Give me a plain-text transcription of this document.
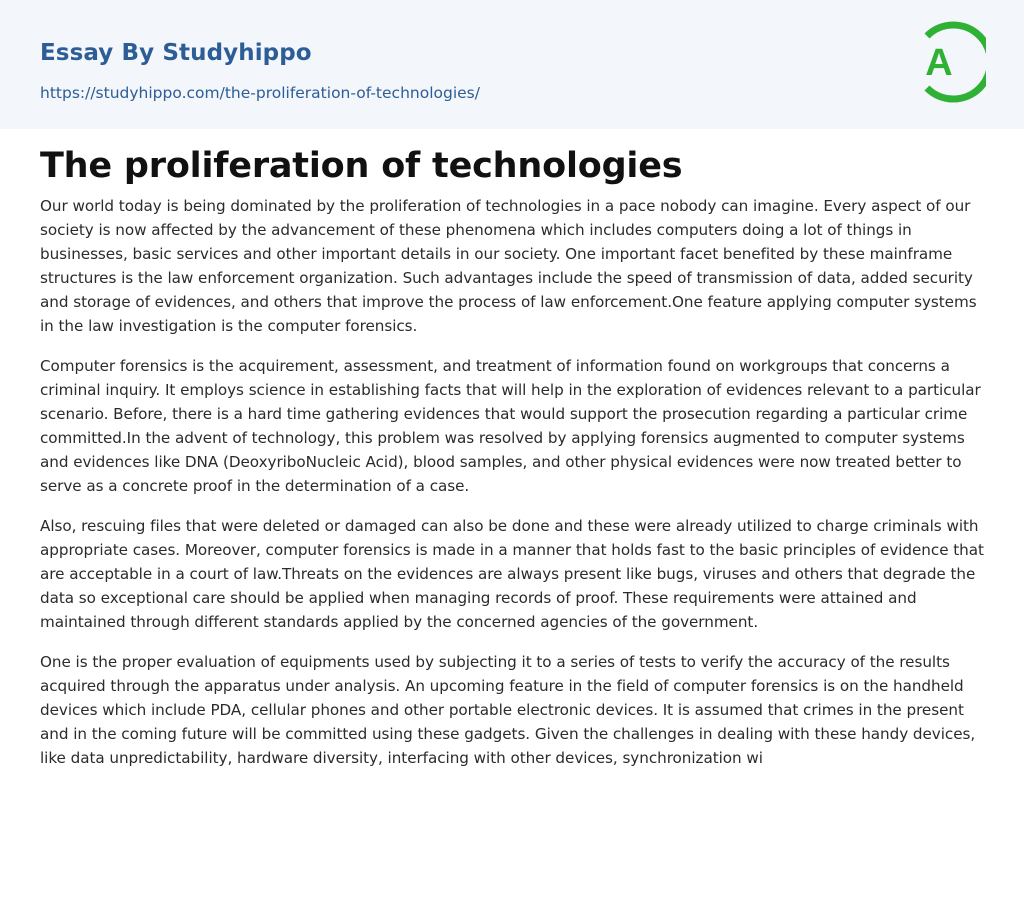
Essay By Studyhippo
https://studyhippo.com/the-proliferation-of-technologies/
A
The proliferation of technologies

Our world today is being dominated by the proliferation of technologies in a pace nobody can imagine. Every aspect of our society is now affected by the advancement of these phenomena which includes computers doing a lot of things in businesses, basic services and other important details in our society. One important facet benefited by these mainframe structures is the law enforcement organization. Such advantages include the speed of transmission of data, added security and storage of evidences, and others that improve the process of law enforcement.One feature applying computer systems in the law investigation is the computer forensics.

Computer forensics is the acquirement, assessment, and treatment of information found on workgroups that concerns a criminal inquiry. It employs science in establishing facts that will help in the exploration of evidences relevant to a particular scenario. Before, there is a hard time gathering evidences that would support the prosecution regarding a particular crime committed.In the advent of technology, this problem was resolved by applying forensics augmented to computer systems and evidences like DNA (DeoxyriboNucleic Acid), blood samples, and other physical evidences were now treated better to serve as a concrete proof in the determination of a case.

Also, rescuing files that were deleted or damaged can also be done and these were already utilized to charge criminals with appropriate cases. Moreover, computer forensics is made in a manner that holds fast to the basic principles of evidence that are acceptable in a court of law.Threats on the evidences are always present like bugs, viruses and others that degrade the data so exceptional care should be applied when managing records of proof. These requirements were attained and maintained through different standards applied by the concerned agencies of the government.

One is the proper evaluation of equipments used by subjecting it to a series of tests to verify the accuracy of the results acquired through the apparatus under analysis. An upcoming feature in the field of computer forensics is on the handheld devices which include PDA, cellular phones and other portable electronic devices. It is assumed that crimes in the present and in the coming future will be committed using these gadgets. Given the challenges in dealing with these handy devices, like data unpredictability, hardware diversity, interfacing with other devices, synchronization wi
